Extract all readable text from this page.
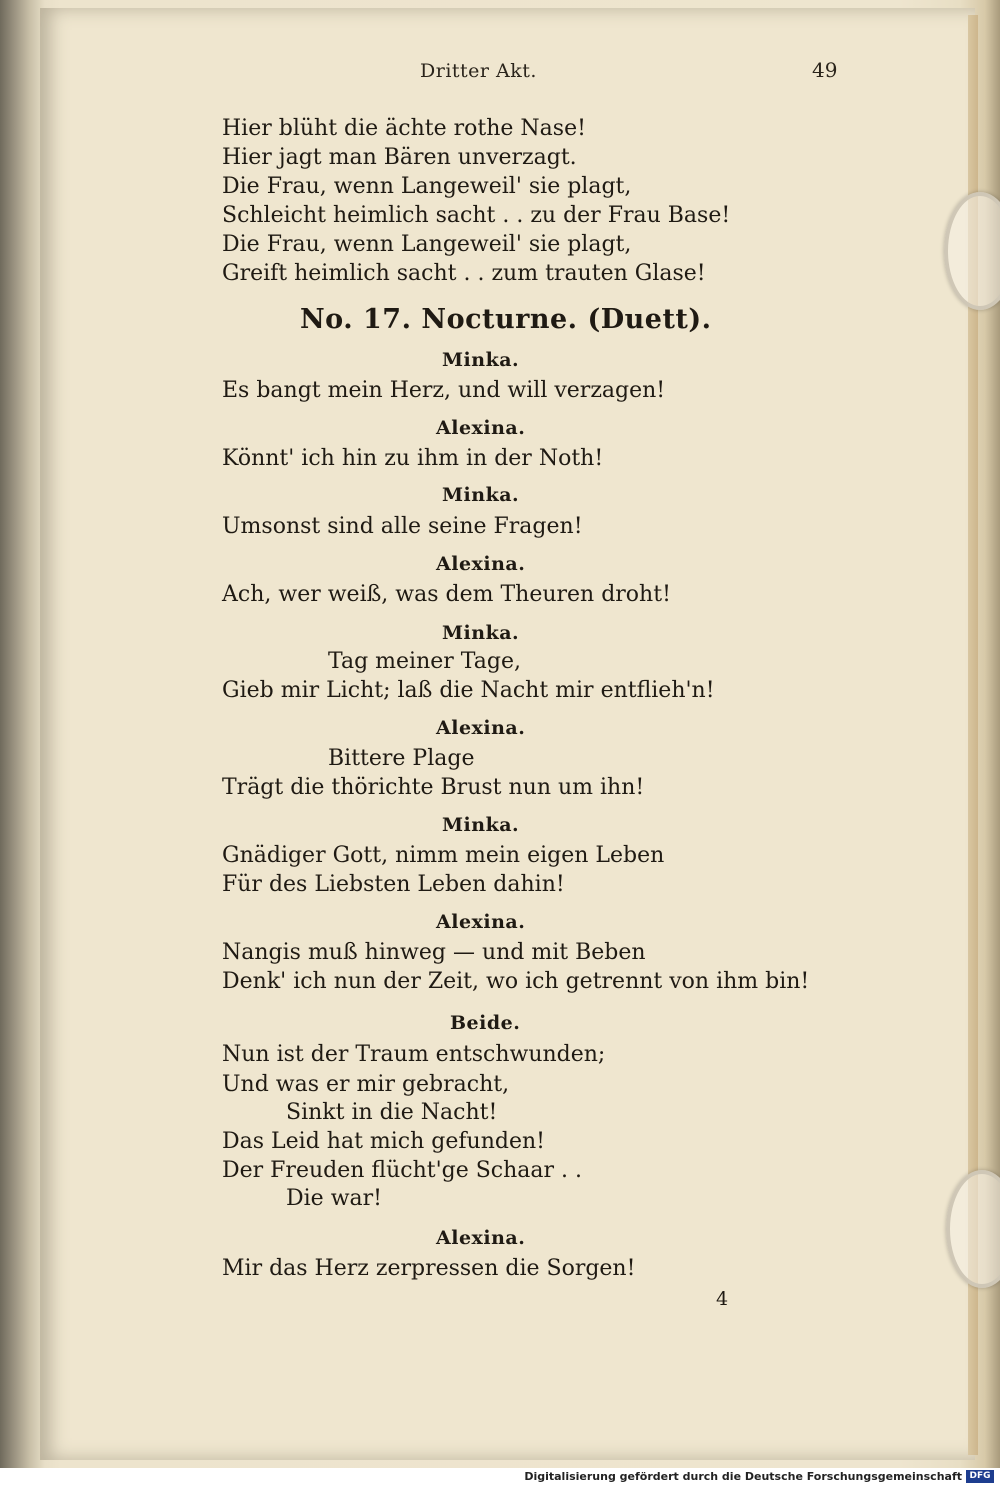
Dritter Akt.	49
Hier blüht die ächte rothe Nase!
Hier jagt man Bären unverzagt.
Die Frau, wenn Langeweil' sie plagt,
Schleicht heimlich sacht . . zu der Frau Base!
Die Frau, wenn Langeweil' sie plagt,
Greift heimlich sacht . . zum trauten Glase!
No. 17. Nocturne. (Duett).
Minka.
Es bangt mein Herz, und will verzagen!
Alexina.
Könnt' ich hin zu ihm in der Noth!
Minka.
Umsonst sind alle seine Fragen!
Alexina.
Ach, wer weiß, was dem Theuren droht!
Minka.
Tag meiner Tage,
Gieb mir Licht; laß die Nacht mir entflieh'n!
Alexina.
Bittere Plage
Trägt die thörichte Brust nun um ihn!
Minka.
Gnädiger Gott, nimm mein eigen Leben
Für des Liebsten Leben dahin!
Alexina.
Nangis muß hinweg — und mit Beben
Denk' ich nun der Zeit, wo ich getrennt von ihm bin!
Beide.
Nun ist der Traum entschwunden;
Und was er mir gebracht,
Sinkt in die Nacht!
Das Leid hat mich gefunden!
Der Freuden flücht'ge Schaar . .
Die war!
Alexina.
Mir das Herz zerpressen die Sorgen!
4
Digitalisierung gefördert durch die Deutsche Forschungsgemeinschaft DFG
